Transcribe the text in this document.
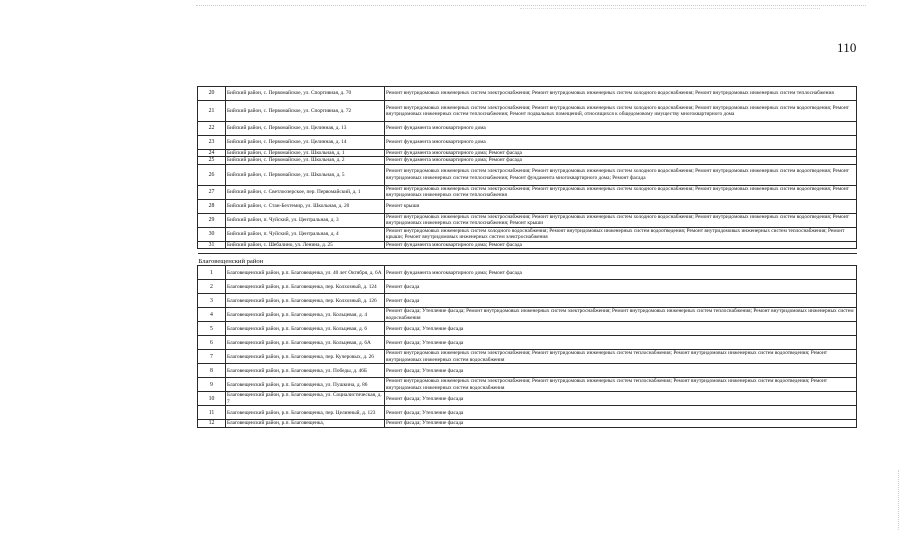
110
20	Бийский район, с. Первомайское, ул. Спортивная, д. 70	Ремонт внутридомовых инженерных систем электроснабжения; Ремонт внутридомовых инженерных систем холодного водоснабжения; Ремонт внутридомовых инженерных систем теплоснабжения
21	Бийский район, с. Первомайское, ул. Спортивная, д. 72	Ремонт внутридомовых инженерных систем электроснабжения; Ремонт внутридомовых инженерных систем холодного водоснабжения; Ремонт внутридомовых инженерных систем водоотведения; Ремонт внутридомовых инженерных систем теплоснабжения; Ремонт подвальных помещений, относящихся к общедомовому имуществу многоквартирного дома
22	Бийский район, с. Первомайское, ул. Целинная, д. 13	Ремонт фундамента многоквартирного дома
23	Бийский район, с. Первомайское, ул. Целинная, д. 14	Ремонт фундамента многоквартирного дома
24	Бийский район, с. Первомайское, ул. Школьная, д. 1	Ремонт фундамента многоквартирного дома; Ремонт фасада
25	Бийский район, с. Первомайское, ул. Школьная, д. 2	Ремонт фундамента многоквартирного дома; Ремонт фасада
26	Бийский район, с. Первомайское, ул. Школьная, д. 5	Ремонт внутридомовых инженерных систем электроснабжения; Ремонт внутридомовых инженерных систем холодного водоснабжения; Ремонт внутридомовых инженерных систем водоотведения; Ремонт внутридомовых инженерных систем теплоснабжения; Ремонт фундамента многоквартирного дома; Ремонт фасада
27	Бийский район, с. Светлоозерское, пер. Первомайский, д. 1	Ремонт внутридомовых инженерных систем электроснабжения; Ремонт внутридомовых инженерных систем холодного водоснабжения; Ремонт внутридомовых инженерных систем водоотведения; Ремонт внутридомовых инженерных систем теплоснабжения
28	Бийский район, с. Стан-Бехтемир, ул. Школьная, д. 20	Ремонт крыши
29	Бийский район, п. Чуйский, ул. Центральная, д. 3	Ремонт внутридомовых инженерных систем электроснабжения; Ремонт внутридомовых инженерных систем холодного водоснабжения; Ремонт внутридомовых инженерных систем водоотведения; Ремонт внутридомовых инженерных систем теплоснабжения; Ремонт крыши
30	Бийский район, п. Чуйский, ул. Центральная, д. 4	Ремонт внутридомовых инженерных систем холодного водоснабжения; Ремонт внутридомовых инженерных систем водоотведения; Ремонт внутридомовых инженерных систем теплоснабжения; Ремонт крыши; Ремонт внутридомовых инженерных систем электроснабжения
31	Бийский район, с. Шебалино, ул. Ленина, д. 25	Ремонт фундамента многоквартирного дома; Ремонт фасада

Благовещенский район		
1	Благовещенский район, р.п. Благовещенка, ул. 40 лет Октября, д. 6А	Ремонт фундамента многоквартирного дома; Ремонт фасада
2	Благовещенский район, р.п. Благовещенка, пер. Колхозный, д. 124	Ремонт фасада
3	Благовещенский район, р.п. Благовещенка, пер. Колхозный, д. 126	Ремонт фасада
4	Благовещенский район, р.п. Благовещенка, ул. Кольцевая, д. 4	Ремонт фасада; Утепление фасада; Ремонт внутридомовых инженерных систем электроснабжения; Ремонт внутридомовых инженерных систем теплоснабжения; Ремонт внутридомовых инженерных систем водоснабжения
5	Благовещенский район, р.п. Благовещенка, ул. Кольцевая, д. 6	Ремонт фасада; Утепление фасада
6	Благовещенский район, р.п. Благовещенка, ул. Кольцевая, д. 6А	Ремонт фасада; Утепление фасада
7	Благовещенский район, р.п. Благовещенка, пер. Кучеровых, д. 26	Ремонт внутридомовых инженерных систем электроснабжения; Ремонт внутридомовых инженерных систем теплоснабжения; Ремонт внутридомовых инженерных систем водоотведения; Ремонт внутридомовых инженерных систем водоснабжения
8	Благовещенский район, р.п. Благовещенка, ул. Победы, д. 46Б	Ремонт фасада; Утепление фасада
9	Благовещенский район, р.п. Благовещенка, ул. Пушкина, д. 86	Ремонт внутридомовых инженерных систем электроснабжения; Ремонт внутридомовых инженерных систем теплоснабжения; Ремонт внутридомовых инженерных систем водоотведения; Ремонт внутридомовых инженерных систем водоснабжения
10	Благовещенский район, р.п. Благовещенка, ул. Социалистическая, д. 7	Ремонт фасада; Утепление фасада
11	Благовещенский район, р.п. Благовещенка, пер. Целинный, д. 123	Ремонт фасада; Утепление фасада
12	Благовещенский район, р.п. Благовещенка,	Ремонт фасада; Утепление фасада
